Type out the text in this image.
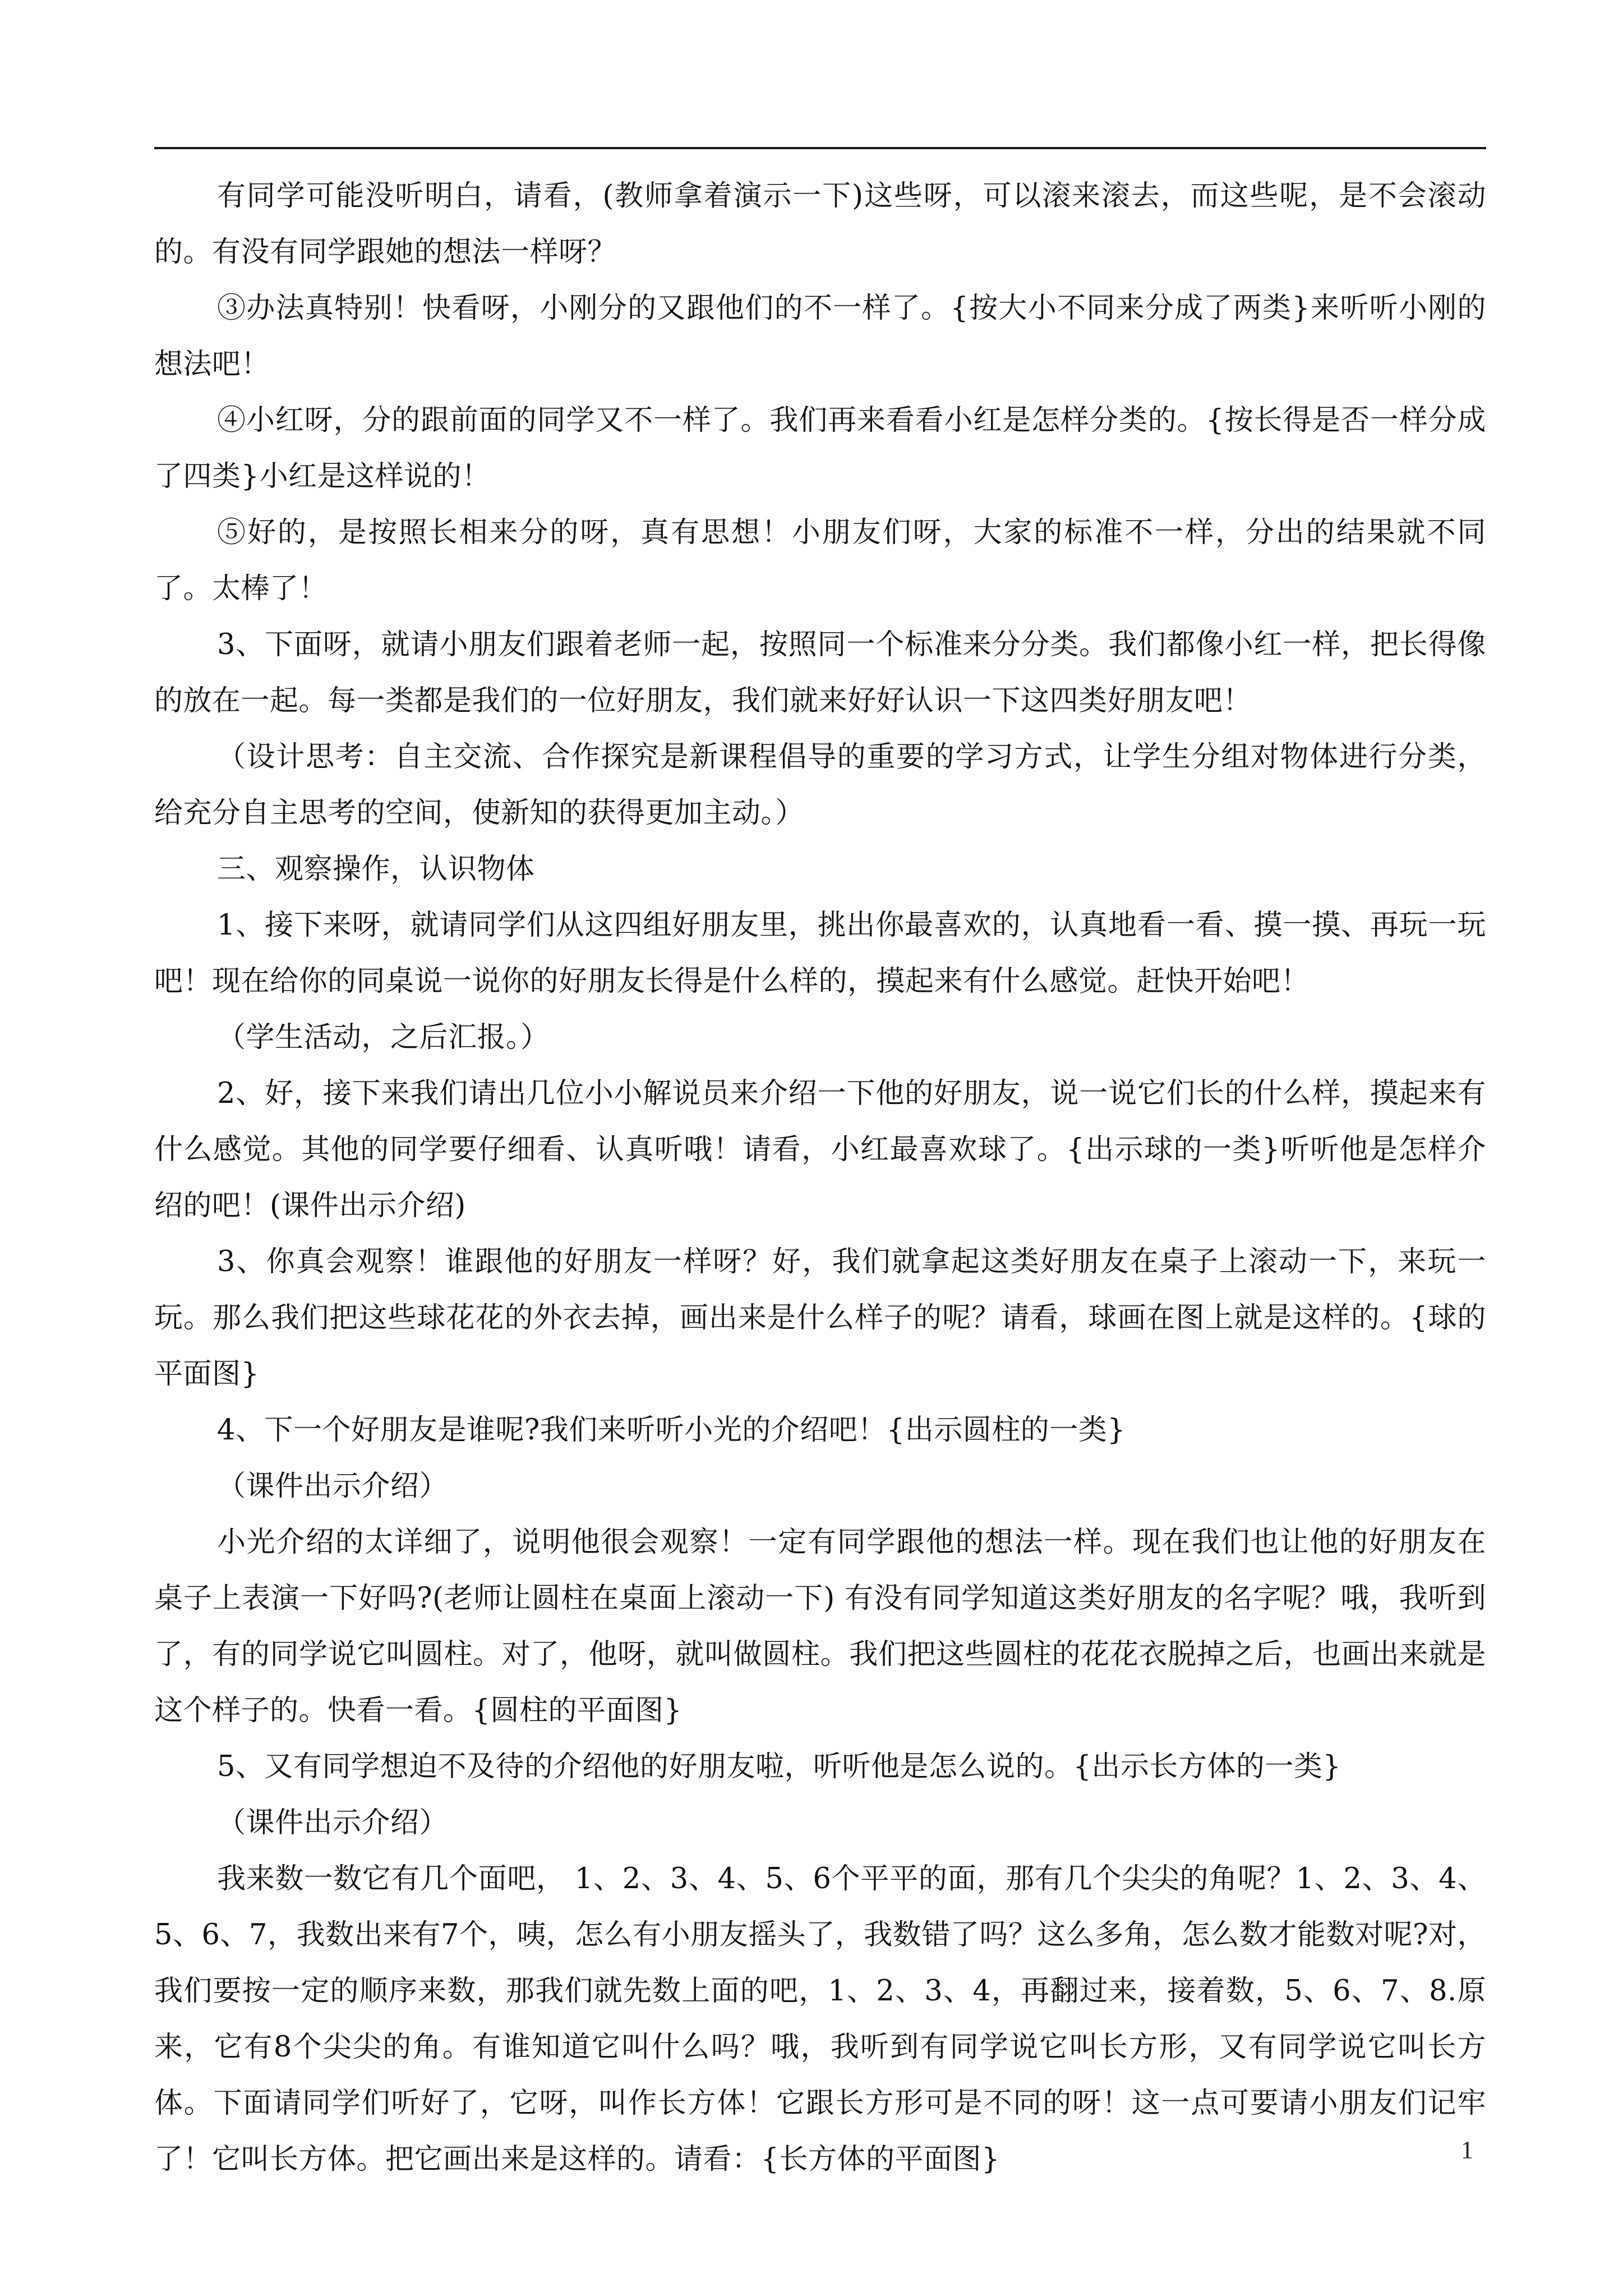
有同学可能没听明白，请看，(教师拿着演示一下)这些呀，可以滚来滚去，而这些呢，是不会滚动的。有没有同学跟她的想法一样呀？

③办法真特别！快看呀，小刚分的又跟他们的不一样了。{按大小不同来分成了两类}来听听小刚的想法吧！

④小红呀，分的跟前面的同学又不一样了。我们再来看看小红是怎样分类的。{按长得是否一样分成了四类}小红是这样说的！

⑤好的，是按照长相来分的呀，真有思想！小朋友们呀，大家的标准不一样，分出的结果就不同了。太棒了！

3、下面呀，就请小朋友们跟着老师一起，按照同一个标准来分分类。我们都像小红一样，把长得像的放在一起。每一类都是我们的一位好朋友，我们就来好好认识一下这四类好朋友吧！

（设计思考：自主交流、合作探究是新课程倡导的重要的学习方式，让学生分组对物体进行分类，给充分自主思考的空间，使新知的获得更加主动。）

三、观察操作，认识物体

1、接下来呀，就请同学们从这四组好朋友里，挑出你最喜欢的，认真地看一看、摸一摸、再玩一玩吧！现在给你的同桌说一说你的好朋友长得是什么样的，摸起来有什么感觉。赶快开始吧！

（学生活动，之后汇报。）

2、好，接下来我们请出几位小小解说员来介绍一下他的好朋友，说一说它们长的什么样，摸起来有什么感觉。其他的同学要仔细看、认真听哦！请看，小红最喜欢球了。{出示球的一类}听听他是怎样介绍的吧！(课件出示介绍)

3、你真会观察！谁跟他的好朋友一样呀？好，我们就拿起这类好朋友在桌子上滚动一下，来玩一玩。那么我们把这些球花花的外衣去掉，画出来是什么样子的呢？请看，球画在图上就是这样的。{球的平面图}

4、下一个好朋友是谁呢?我们来听听小光的介绍吧！{出示圆柱的一类}

（课件出示介绍）

小光介绍的太详细了，说明他很会观察！一定有同学跟他的想法一样。现在我们也让他的好朋友在桌子上表演一下好吗?(老师让圆柱在桌面上滚动一下) 有没有同学知道这类好朋友的名字呢？哦，我听到了，有的同学说它叫圆柱。对了，他呀，就叫做圆柱。我们把这些圆柱的花花衣脱掉之后，也画出来就是这个样子的。快看一看。{圆柱的平面图}

5、又有同学想迫不及待的介绍他的好朋友啦，听听他是怎么说的。{出示长方体的一类}

（课件出示介绍）

我来数一数它有几个面吧， 1、2、3、4、5、6个平平的面，那有几个尖尖的角呢？1、2、3、4、5、6、7，我数出来有7个，咦，怎么有小朋友摇头了，我数错了吗？这么多角，怎么数才能数对呢?对，我们要按一定的顺序来数，那我们就先数上面的吧，1、2、3、4，再翻过来，接着数，5、6、7、8.原来，它有8个尖尖的角。有谁知道它叫什么吗？哦，我听到有同学说它叫长方形，又有同学说它叫长方体。下面请同学们听好了，它呀，叫作长方体！它跟长方形可是不同的呀！这一点可要请小朋友们记牢了！它叫长方体。把它画出来是这样的。请看：{长方体的平面图}	1
